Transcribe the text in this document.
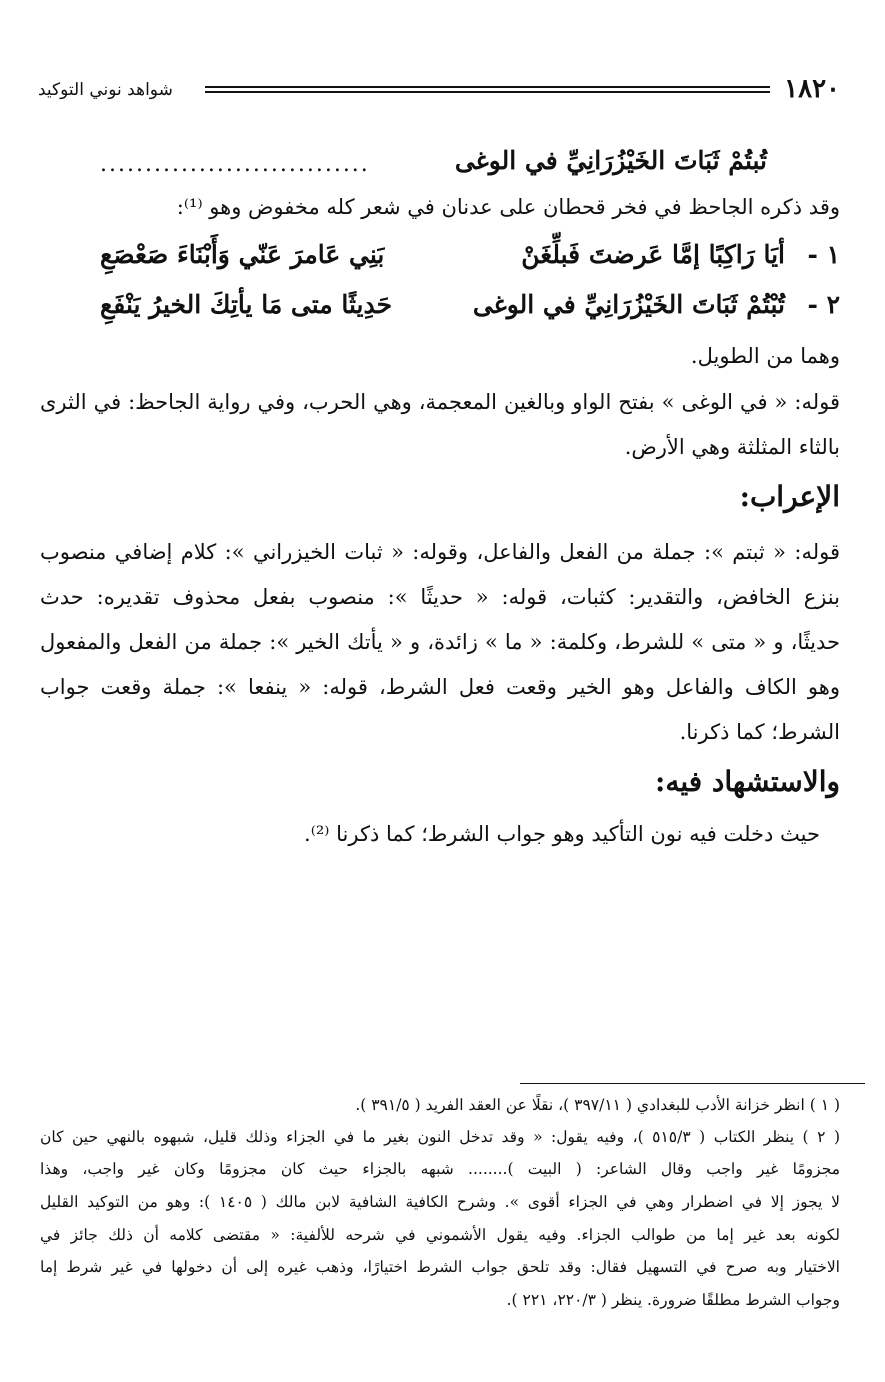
١٨٢٠
شواهد نوني التوكيد
تُبتُمْ ثَبَاتَ الخَيْزُرَانِيِّ في الوغى
..............................
وقد ذكره الجاحظ في فخر قحطان على عدنان في شعر كله مخفوض وهو ⁽¹⁾:
١ -
أيَا رَاكِبًا إمَّا عَرضتَ فَبلِّغَنْ
بَنِي عَامرَ عَنّي وَأَبْنَاءَ صَعْصَعِ
٢ -
تُبْتُمْ ثَبَاتَ الخَيْزُرَانِيِّ في الوغى
حَدِيثًا متى مَا يأتِكَ الخيرُ يَنْفَعِ
وهما من الطويل.
قوله: « في الوغى » بفتح الواو وبالغين المعجمة، وهي الحرب، وفي رواية الجاحظ: في الثرى
بالثاء المثلثة وهي الأرض.
الإعراب:
قوله: « ثبتم »: جملة من الفعل والفاعل، وقوله: « ثبات الخيزراني »: كلام إضافي منصوب
بنزع الخافض، والتقدير: كثبات، قوله: « حديثًا »: منصوب بفعل محذوف تقديره: حدث
حديثًا، و « متى » للشرط، وكلمة: « ما » زائدة، و « يأتك الخير »: جملة من الفعل والمفعول
وهو الكاف والفاعل وهو الخير وقعت فعل الشرط، قوله: « ينفعا »: جملة وقعت جواب
الشرط؛ كما ذكرنا.
والاستشهاد فيه:
حيث دخلت فيه نون التأكيد وهو جواب الشرط؛ كما ذكرنا ⁽²⁾.
( ١ ) انظر خزانة الأدب للبغدادي ( ٣٩٧/١١ )، نقلًا عن العقد الفريد ( ٣٩١/٥ ).
( ٢ ) ينظر الكتاب ( ٥١٥/٣ )، وفيه يقول: « وقد تدخل النون بغير ما في الجزاء وذلك قليل، شبهوه بالنهي حين كان
مجزومًا غير واجب وقال الشاعر: ( البيت )........ شبهه بالجزاء حيث كان مجزومًا وكان غير واجب، وهذا
لا يجوز إلا في اضطرار وهي في الجزاء أقوى ». وشرح الكافية الشافية لابن مالك ( ١٤٠٥ ): وهو من التوكيد القليل
لكونه بعد غير إما من طوالب الجزاء. وفيه يقول الأشموني في شرحه للألفية: « مقتضى كلامه أن ذلك جائز في
الاختيار وبه صرح في التسهيل فقال: وقد تلحق جواب الشرط اختيارًا، وذهب غيره إلى أن دخولها في غير شرط إما
وجواب الشرط مطلقًا ضرورة. ينظر ( ٢٢٠/٣، ٢٢١ ).
